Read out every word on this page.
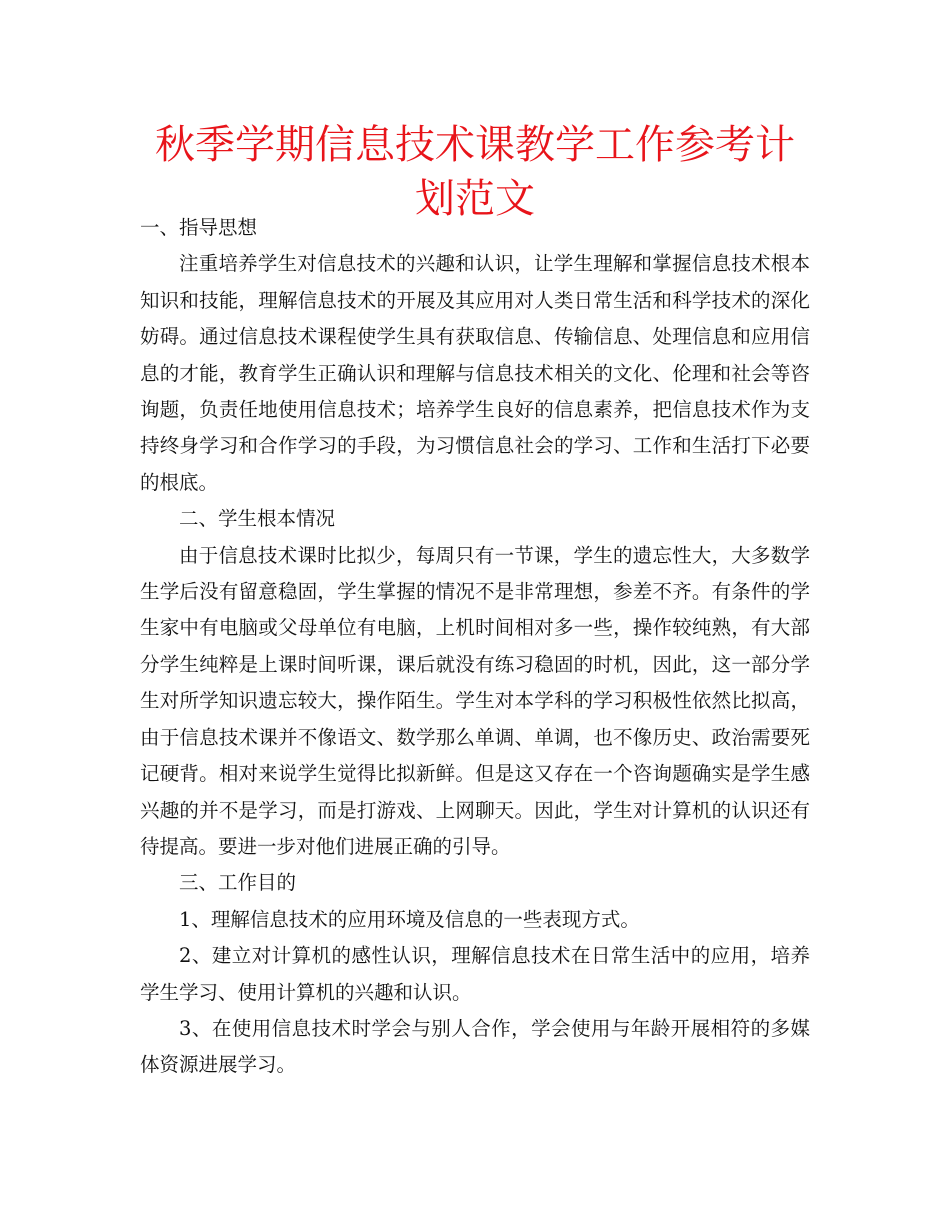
秋季学期信息技术课教学工作参考计划范文

一、指导思想

注重培养学生对信息技术的兴趣和认识，让学生理解和掌握信息技术根本知识和技能，理解信息技术的开展及其应用对人类日常生活和科学技术的深化妨碍。通过信息技术课程使学生具有获取信息、传输信息、处理信息和应用信息的才能，教育学生正确认识和理解与信息技术相关的文化、伦理和社会等咨询题，负责任地使用信息技术；培养学生良好的信息素养，把信息技术作为支持终身学习和合作学习的手段，为习惯信息社会的学习、工作和生活打下必要的根底。

二、学生根本情况

由于信息技术课时比拟少，每周只有一节课，学生的遗忘性大，大多数学生学后没有留意稳固，学生掌握的情况不是非常理想，参差不齐。有条件的学生家中有电脑或父母单位有电脑，上机时间相对多一些，操作较纯熟，有大部分学生纯粹是上课时间听课，课后就没有练习稳固的时机，因此，这一部分学生对所学知识遗忘较大，操作陌生。学生对本学科的学习积极性依然比拟高，由于信息技术课并不像语文、数学那么单调、单调，也不像历史、政治需要死记硬背。相对来说学生觉得比拟新鲜。但是这又存在一个咨询题确实是学生感兴趣的并不是学习，而是打游戏、上网聊天。因此，学生对计算机的认识还有待提高。要进一步对他们进展正确的引导。

三、工作目的

1、理解信息技术的应用环境及信息的一些表现方式。

2、建立对计算机的感性认识，理解信息技术在日常生活中的应用，培养学生学习、使用计算机的兴趣和认识。

3、在使用信息技术时学会与别人合作，学会使用与年龄开展相符的多媒体资源进展学习。
